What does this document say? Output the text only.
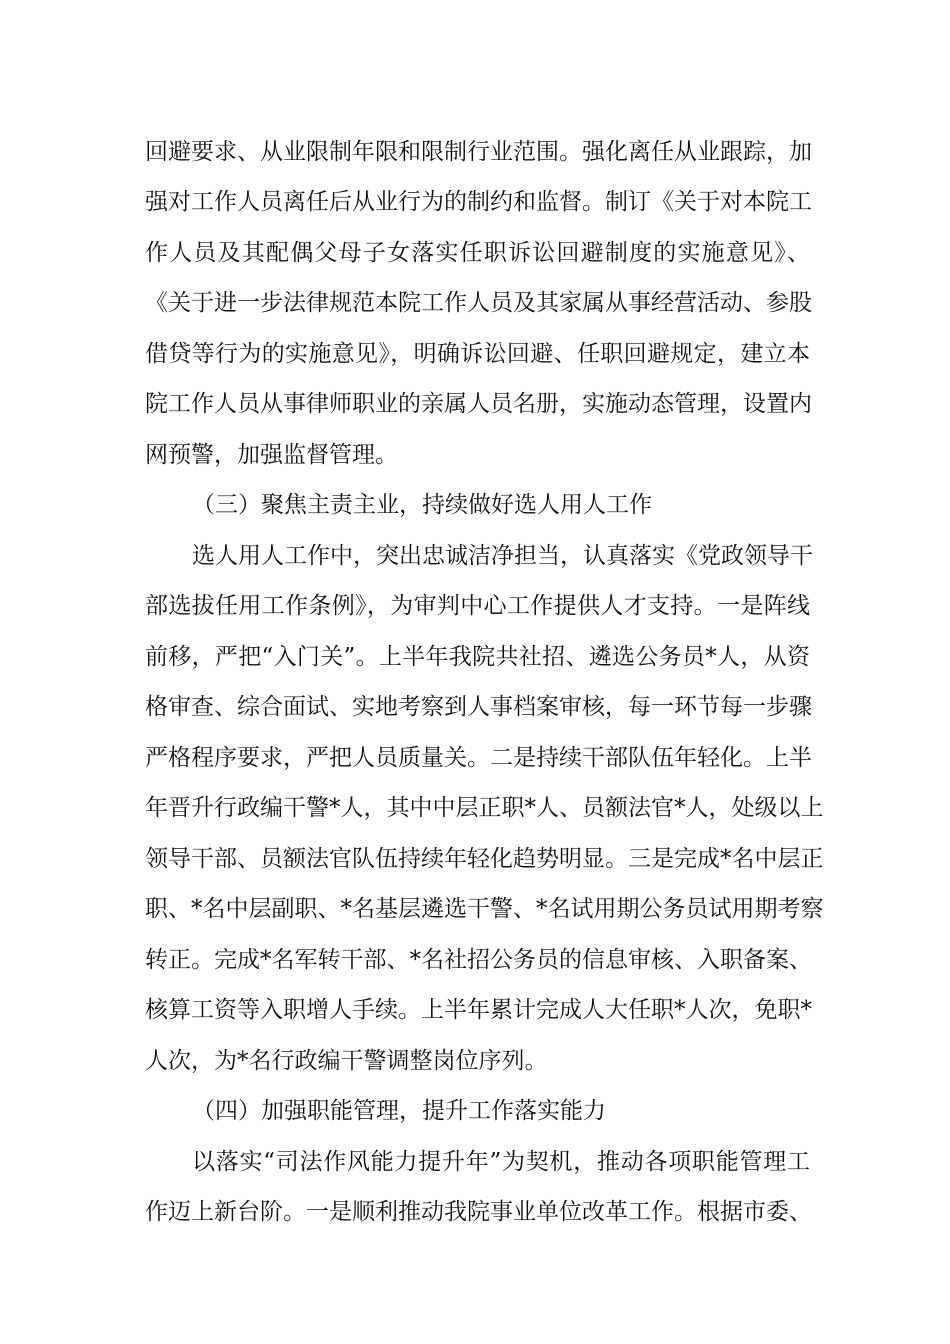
回避要求、从业限制年限和限制行业范围。强化离任从业跟踪，加
强对工作人员离任后从业行为的制约和监督。制订《关于对本院工
作人员及其配偶父母子女落实任职诉讼回避制度的实施意见》、
《关于进一步法律规范本院工作人员及其家属从事经营活动、参股
借贷等行为的实施意见》，明确诉讼回避、任职回避规定，建立本
院工作人员从事律师职业的亲属人员名册，实施动态管理，设置内
网预警，加强监督管理。
（三）聚焦主责主业，持续做好选人用人工作
选人用人工作中，突出忠诚洁净担当，认真落实《党政领导干
部选拔任用工作条例》，为审判中心工作提供人才支持。一是阵线
前移，严把“入门关”。上半年我院共社招、遴选公务员*人，从资
格审查、综合面试、实地考察到人事档案审核，每一环节每一步骤
严格程序要求，严把人员质量关。二是持续干部队伍年轻化。上半
年晋升行政编干警*人，其中中层正职*人、员额法官*人，处级以上
领导干部、员额法官队伍持续年轻化趋势明显。三是完成*名中层正
职、*名中层副职、*名基层遴选干警、*名试用期公务员试用期考察
转正。完成*名军转干部、*名社招公务员的信息审核、入职备案、
核算工资等入职增人手续。上半年累计完成人大任职*人次，免职*
人次，为*名行政编干警调整岗位序列。
（四）加强职能管理，提升工作落实能力
以落实“司法作风能力提升年”为契机，推动各项职能管理工
作迈上新台阶。一是顺利推动我院事业单位改革工作。根据市委、
